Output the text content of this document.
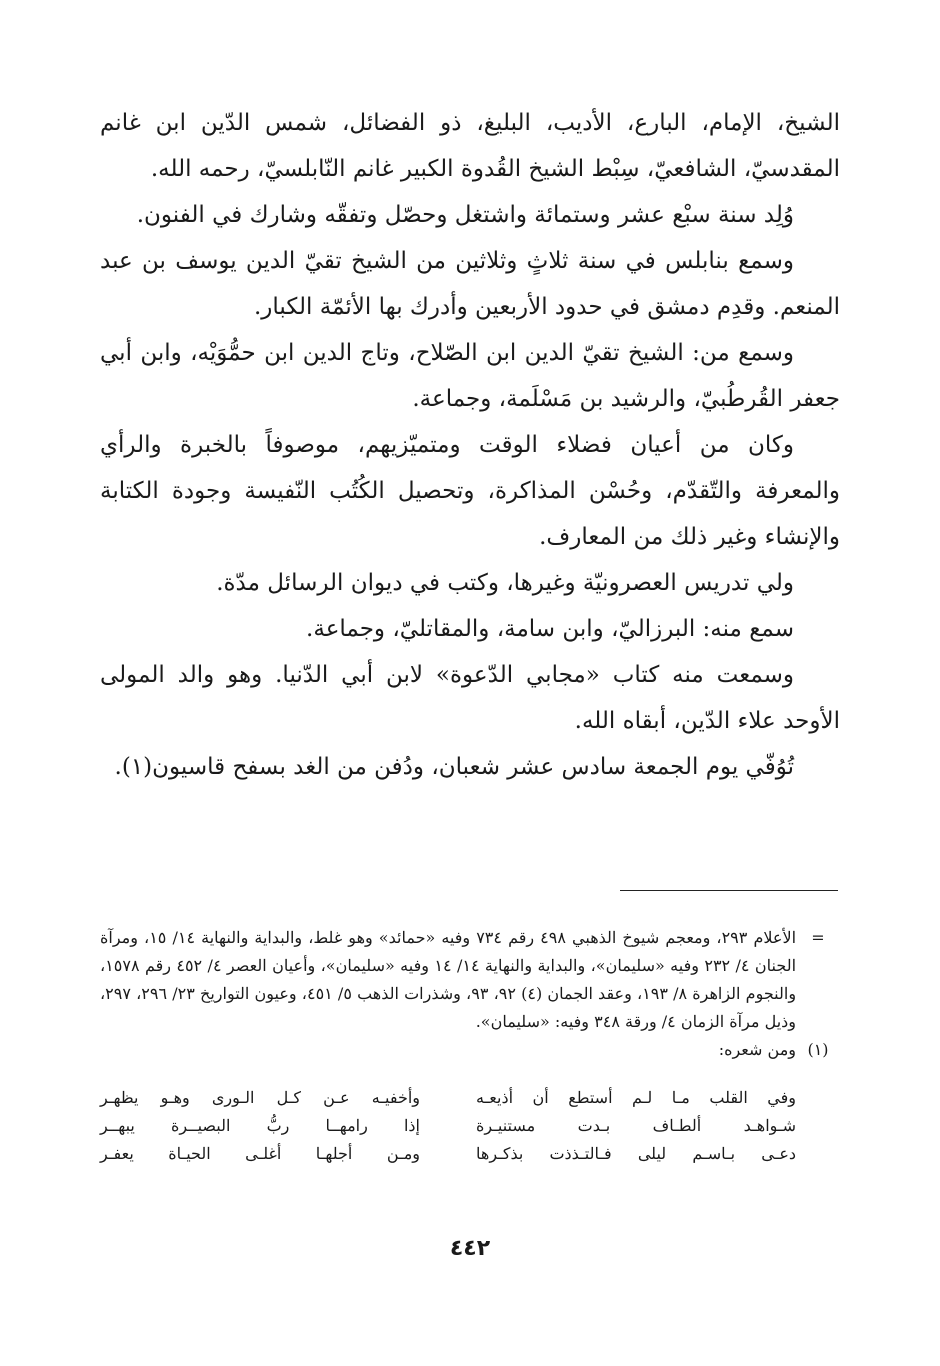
الشيخ، الإمام، البارع، الأديب، البليغ، ذو الفضائل، شمس الدّين ابن غانم المقدسيّ، الشافعيّ، سِبْط الشيخ القُدوة الكبير غانم النّابلسيّ، رحمه الله.

وُلِد سنة سبْع عشر وستمائة واشتغل وحصّل وتفقّه وشارك في الفنون.

وسمع بنابلس في سنة ثلاثٍ وثلاثين من الشيخ تقيّ الدين يوسف بن عبد المنعم. وقدِم دمشق في حدود الأربعين وأدرك بها الأئمّة الكبار.

وسمع من: الشيخ تقيّ الدين ابن الصّلاح، وتاج الدين ابن حمُّوَيْه، وابن أبي جعفر القُرطُبيّ، والرشيد بن مَسْلَمة، وجماعة.

وكان من أعيان فضلاء الوقت ومتميّزيهم، موصوفاً بالخبرة والرأي والمعرفة والتّقدّم، وحُسْن المذاكرة، وتحصيل الكُتُب النّفيسة وجودة الكتابة والإنشاء وغير ذلك من المعارف.

ولي تدريس العصرونيّة وغيرها، وكتب في ديوان الرسائل مدّة.

سمع منه: البرزاليّ، وابن سامة، والمقاتليّ، وجماعة.

وسمعت منه كتاب «مجابي الدّعوة» لابن أبي الدّنيا. وهو والد المولى الأوحد علاء الدّين، أبقاه الله.

تُوُفّي يوم الجمعة سادس عشر شعبان، ودُفن من الغد بسفح قاسيون(١).

=
الأعلام ٢٩٣، ومعجم شيوخ الذهبي ٤٩٨ رقم ٧٣٤ وفيه «حمائد» وهو غلط، والبداية والنهاية ١٤/ ١٥، ومرآة الجنان ٤/ ٢٣٢ وفيه «سليمان»، والبداية والنهاية ١٤/ ١٤ وفيه «سليمان»، وأعيان العصر ٤/ ٤٥٢ رقم ١٥٧٨، والنجوم الزاهرة ٨/ ١٩٣، وعقد الجمان (٤) ٩٢، ٩٣، وشذرات الذهب ٥/ ٤٥١، وعيون التواريخ ٢٣/ ٢٩٦، ٢٩٧، وذيل مرآة الزمان ٤/ ورقة ٣٤٨ وفيه: «سليمان».
(١)
ومن شعره:
وفي القلب مـا لـم أستطع أن أذيعـه
وأخفيـه عـن كـل الـورى وهـو يظهـر
شـواهـد ألطـاف بـدت مستنيـرة
إذا رامهــا ربُّ البصيــرة يبهــر
دعـى بـاسـم ليلى فـالتـذذت بذكـرها
ومـن أجلهـا أغلـى الحيـاة يعفـر
٤٤٢
